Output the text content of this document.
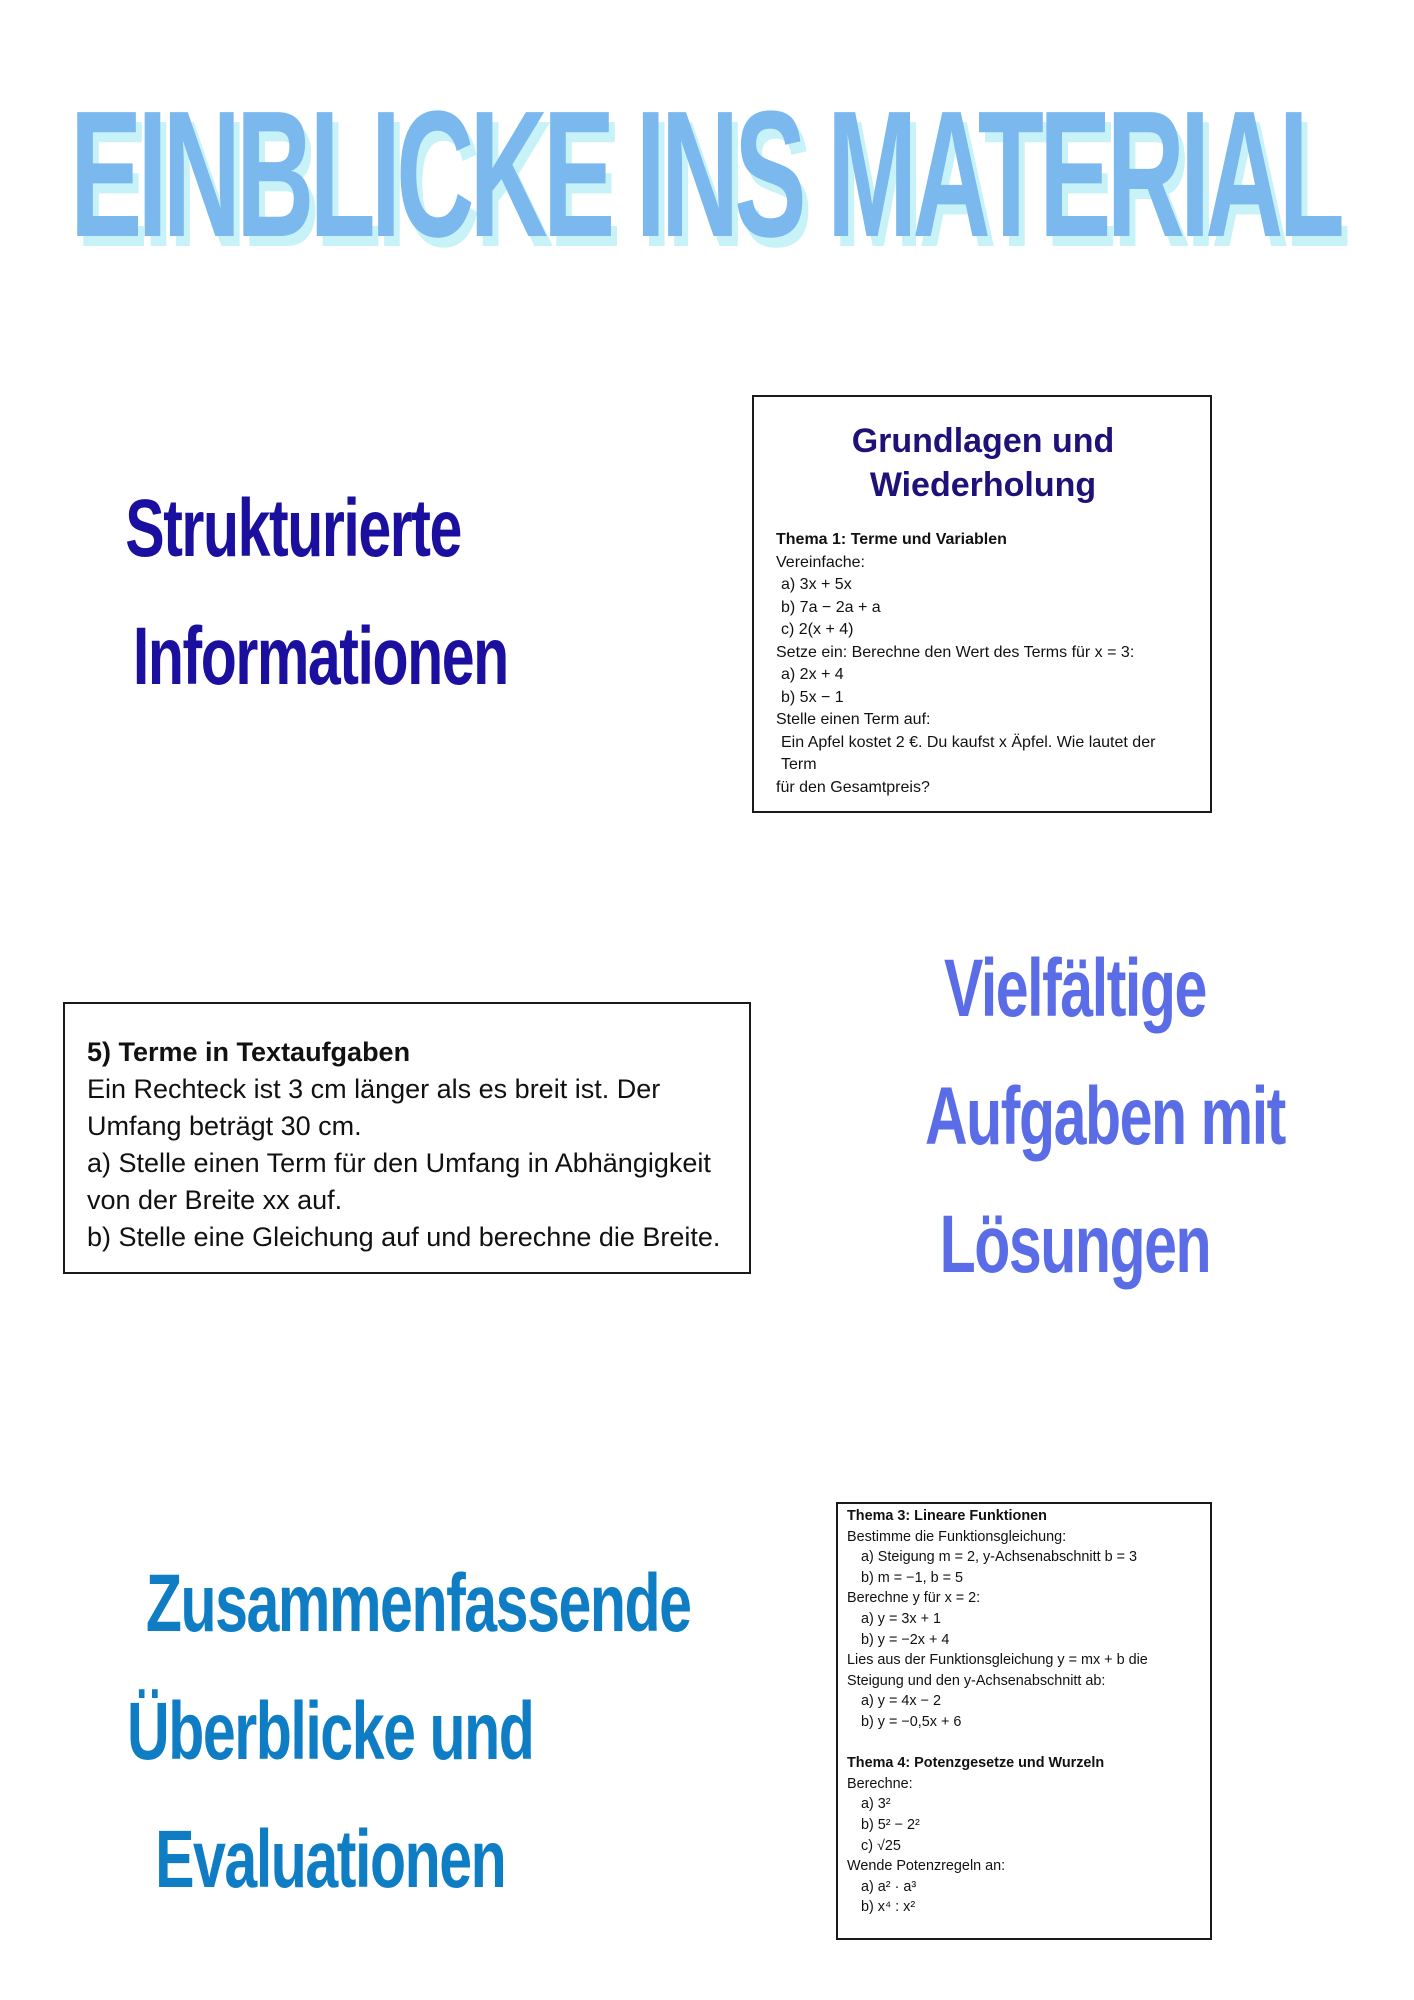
EINBLICKE INS MATERIAL
Strukturierte
Informationen
Grundlagen und
Wiederholung
Thema 1: Terme und Variablen
Vereinfache:
a) 3x + 5x
b) 7a − 2a + a
c) 2(x + 4)
Setze ein: Berechne den Wert des Terms für x = 3:
a) 2x + 4
b) 5x − 1
Stelle einen Term auf:
Ein Apfel kostet 2 €. Du kaufst x Äpfel. Wie lautet der Term
für den Gesamtpreis?
5) Terme in Textaufgaben
Ein Rechteck ist 3 cm länger als es breit ist. Der
Umfang beträgt 30 cm.
a) Stelle einen Term für den Umfang in Abhängigkeit
von der Breite xx auf.
b) Stelle eine Gleichung auf und berechne die Breite.
Vielfältige
Aufgaben mit
Lösungen
Zusammenfassende
Überblicke und
Evaluationen
Thema 3: Lineare Funktionen
Bestimme die Funktionsgleichung:
a) Steigung m = 2, y-Achsenabschnitt b = 3
b) m = −1, b = 5
Berechne y für x = 2:
a) y = 3x + 1
b) y = −2x + 4
Lies aus der Funktionsgleichung y = mx + b die
Steigung und den y-Achsenabschnitt ab:
a) y = 4x − 2
b) y = −0,5x + 6
Thema 4: Potenzgesetze und Wurzeln
Berechne:
a) 3²
b) 5² − 2²
c) √25
Wende Potenzregeln an:
a) a² · a³
b) x⁴ : x²
